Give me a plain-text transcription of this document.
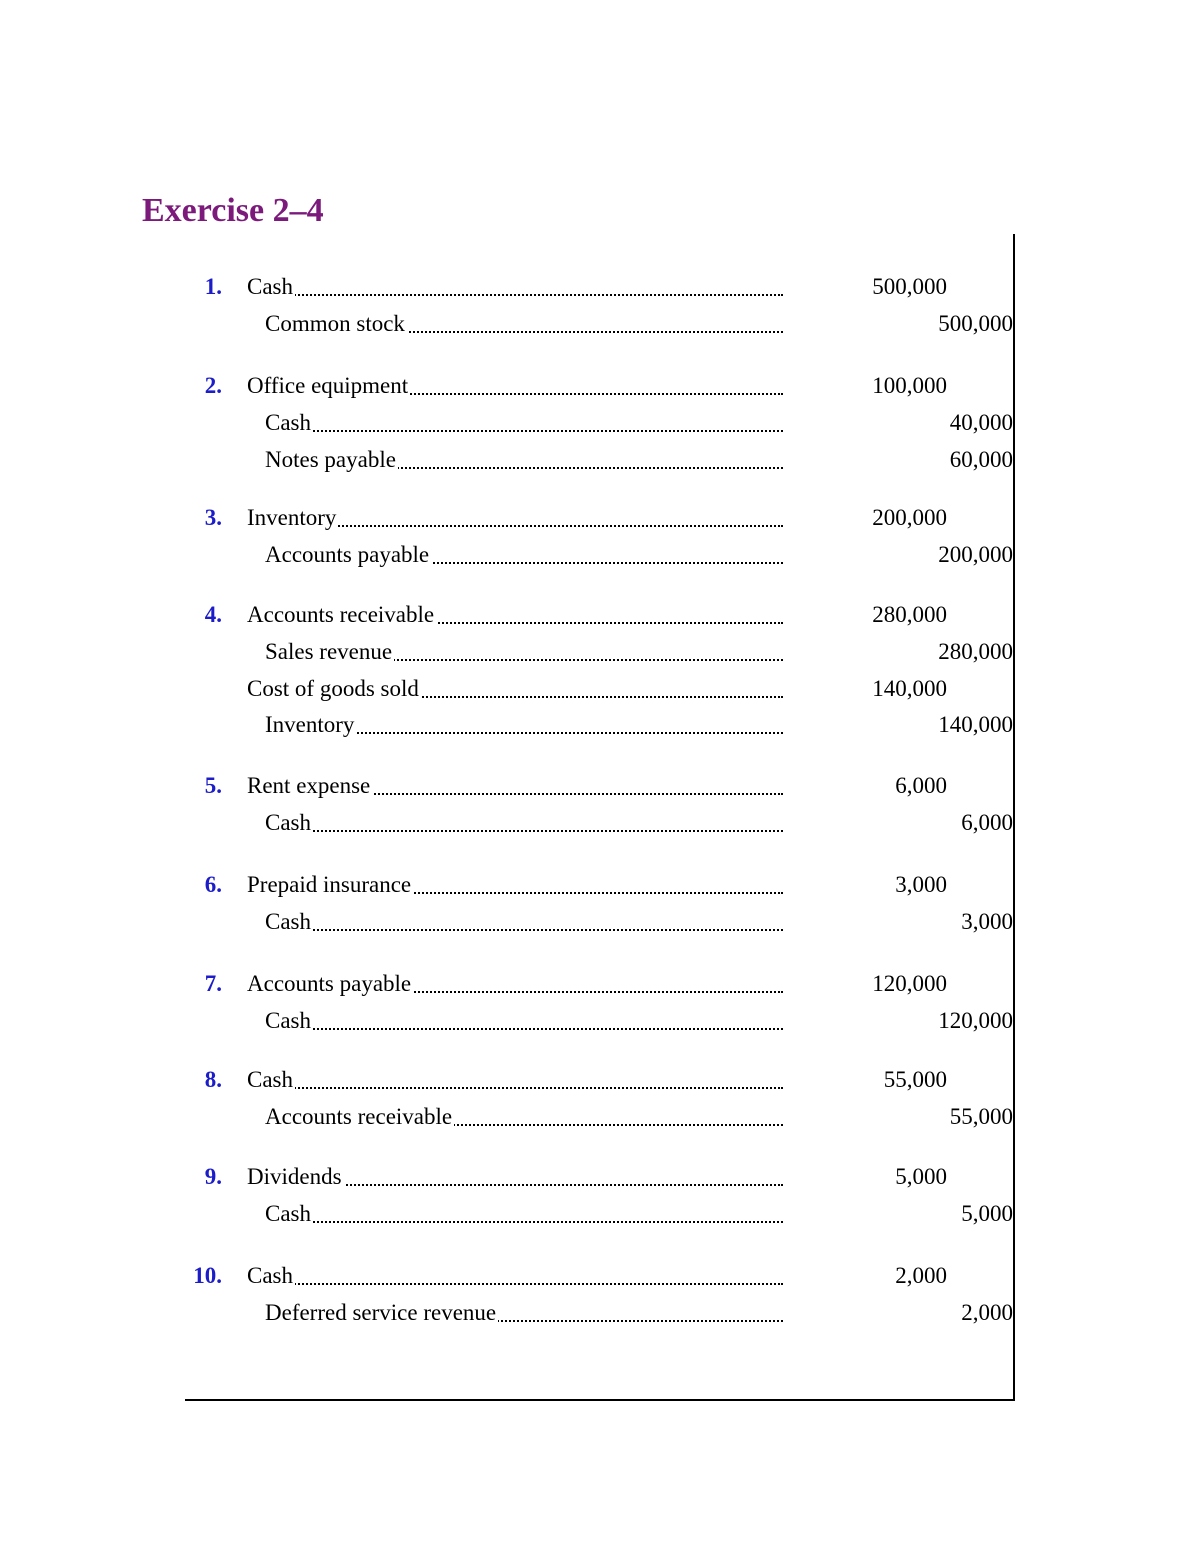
Exercise 2–4
1. Cash	500,000
Common stock	500,000
2. Office equipment	100,000
Cash	40,000
Notes payable	60,000
3. Inventory	200,000
Accounts payable	200,000
4. Accounts receivable	280,000
Sales revenue	280,000
Cost of goods sold	140,000
Inventory	140,000
5. Rent expense	6,000
Cash	6,000
6. Prepaid insurance	3,000
Cash	3,000
7. Accounts payable	120,000
Cash	120,000
8. Cash	55,000
Accounts receivable	55,000
9. Dividends	5,000
Cash	5,000
10. Cash	2,000
Deferred service revenue	2,000
